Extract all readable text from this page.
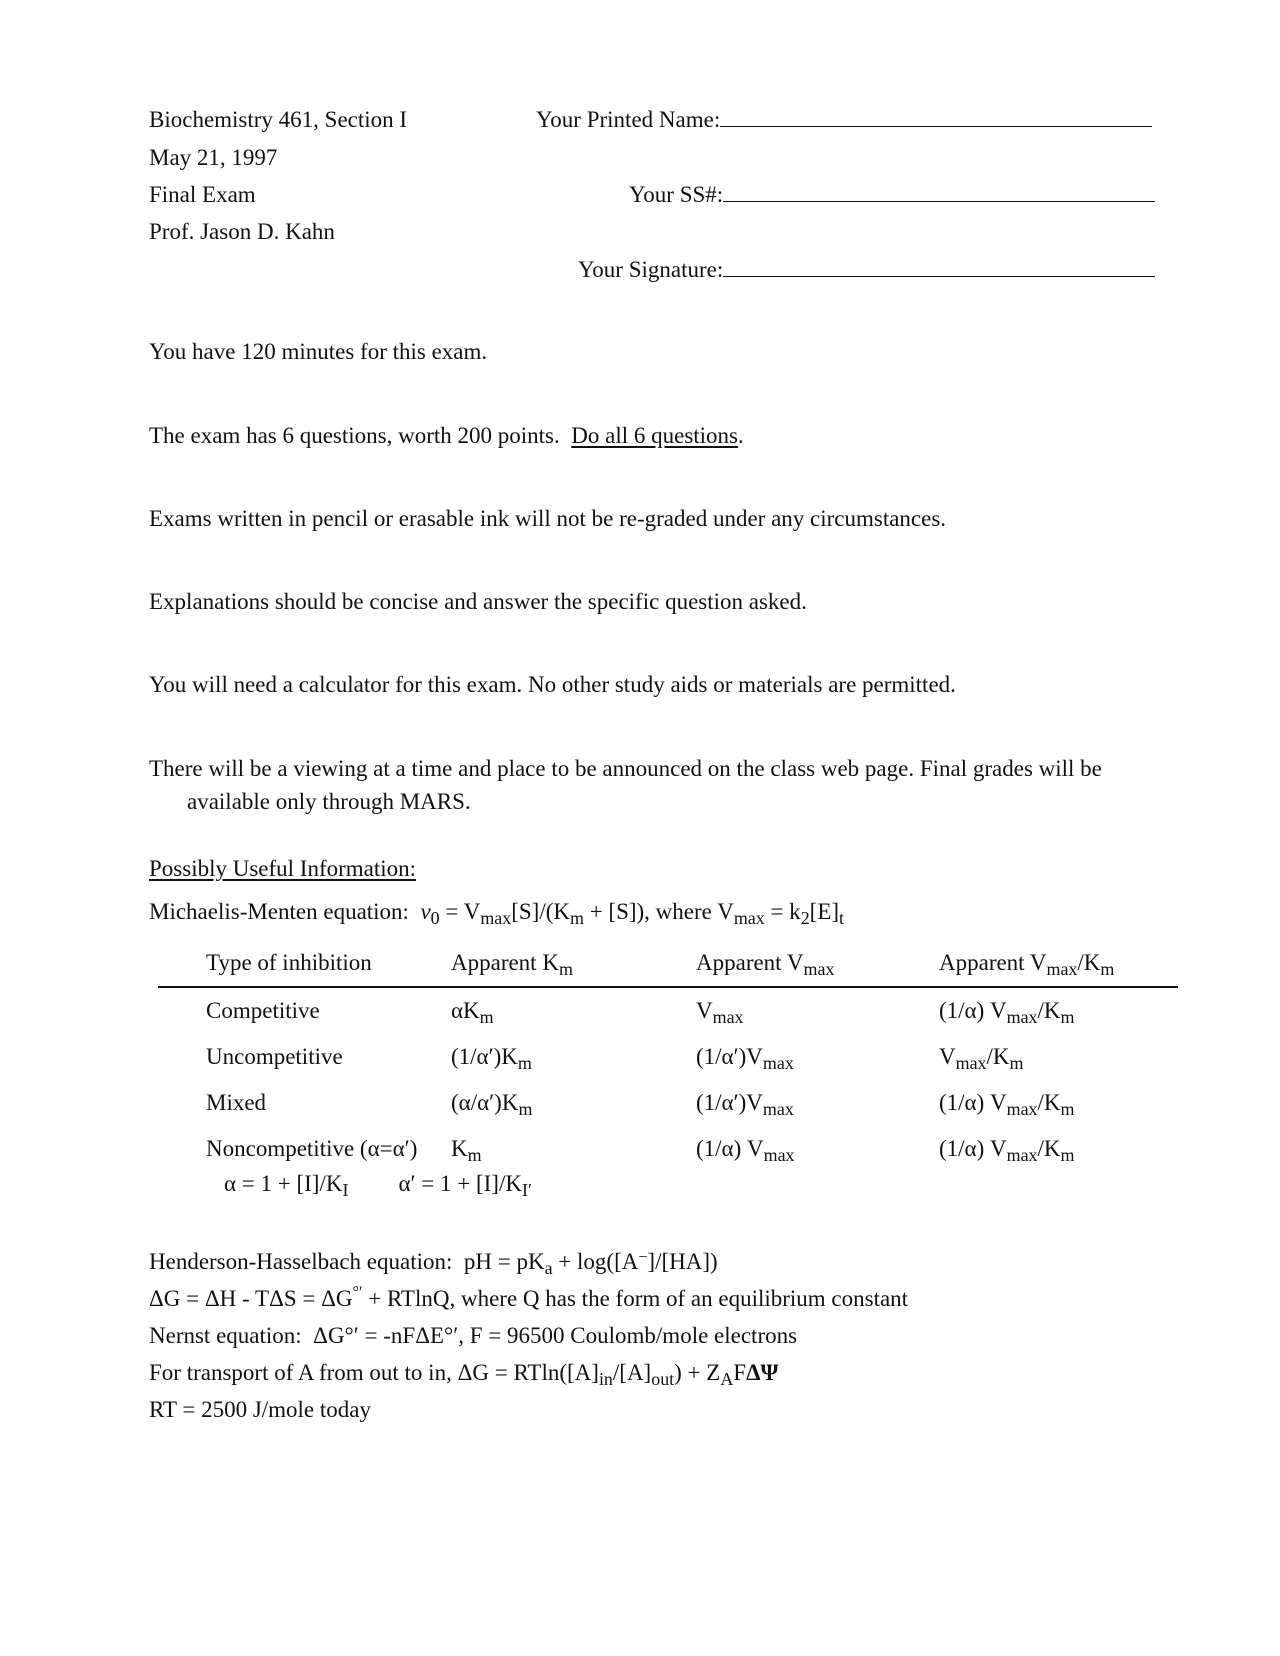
Biochemistry 461, Section I
May 21, 1997
Final Exam
Prof. Jason D. Kahn
Your Printed Name:
Your SS#:
Your Signature:
You have 120 minutes for this exam.
The exam has 6 questions, worth 200 points. Do all 6 questions.
Exams written in pencil or erasable ink will not be re-graded under any circumstances.
Explanations should be concise and answer the specific question asked.
You will need a calculator for this exam. No other study aids or materials are permitted.
There will be a viewing at a time and place to be announced on the class web page. Final grades will be
available only through MARS.
Possibly Useful Information:
Michaelis-Menten equation: $v_0 = V_{max}[S]/(K_m + [S])$, where $V_{max} = k_2[E]_t$
Type of inhibition	Apparent $K_m$	Apparent $V_{max}$	Apparent $V_{max}/K_m$
Competitive	$\alpha K_m$	$V_{max}$	(1/α) $V_{max}/K_m$
Uncompetitive	$(1/\alpha')K_m$	$(1/\alpha')V_{max}$	$V_{max}/K_m$
Mixed	$(\alpha/\alpha')K_m$	$(1/\alpha')V_{max}$	(1/α) $V_{max}/K_m$
Noncompetitive (α=α′)	$K_m$	(1/α) $V_{max}$	(1/α) $V_{max}/K_m$
$\alpha = 1 + [I]/K_I$ $\alpha' = 1 + [I]/K_{I'}$
Henderson-Hasselbach equation: pH = $pK_a + \log([A^-]/[HA])$
ΔG = ΔH - TΔS = ΔG°′ + RTlnQ, where Q has the form of an equilibrium constant
Nernst equation: ΔG°′ = -nFΔE°′, F = 96500 Coulomb/mole electrons
For transport of A from out to in, $\Delta G = RTln([A]_{in}/[A]_{out}) + Z_AF\Delta\Psi$
RT = 2500 J/mole today
